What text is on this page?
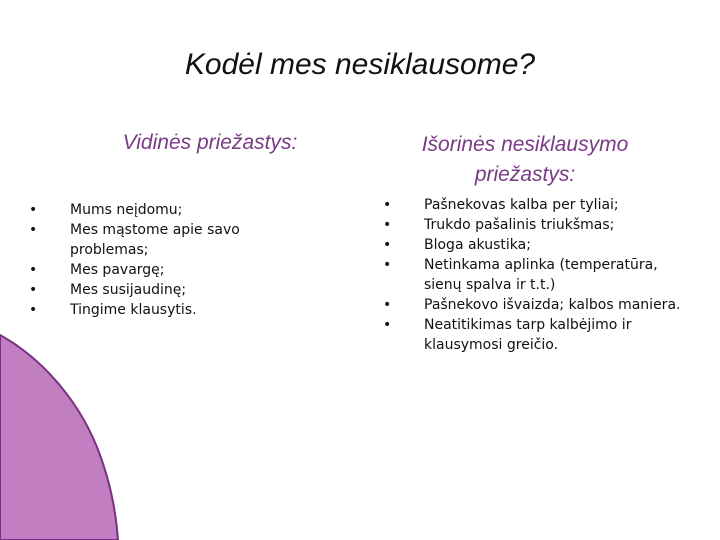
Kodėl mes nesiklausome?
Vidinės priežastys:	Išorinės nesiklausymo priežastys:
• Mums neįdomu;
• Mes mąstome apie savo problemas;
• Mes pavargę;
• Mes susijaudinę;
• Tingime klausytis.
• Pašnekovas kalba per tyliai;
• Trukdo pašalinis triukšmas;
• Bloga akustika;
• Netinkama aplinka (temperatūra, sienų spalva ir t.t.)
• Pašnekovo išvaizda; kalbos maniera.
• Neatitikimas tarp kalbėjimo ir klausymosi greičio.
